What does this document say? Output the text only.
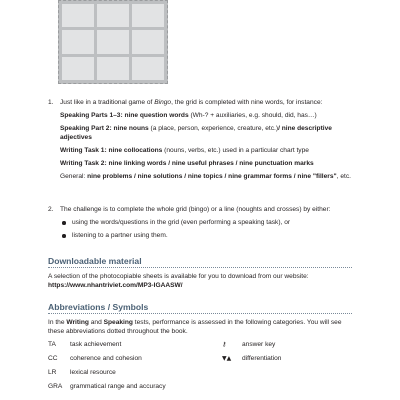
1. Just like in a traditional game of Bingo, the grid is completed with nine words, for instance:
Speaking Parts 1–3: nine question words (Wh-? + auxiliaries, e.g. should, did, has…)
Speaking Part 2: nine nouns (a place, person, experience, creature, etc.)/ nine descriptive
adjectives
Writing Task 1: nine collocations (nouns, verbs, etc.) used in a particular chart type
Writing Task 2: nine linking words / nine useful phrases / nine punctuation marks
General: nine problems / nine solutions / nine topics / nine grammar forms / nine "fillers", etc.
2. The challenge is to complete the whole grid (bingo) or a line (noughts and crosses) by either:
using the words/questions in the grid (even performing a speaking task), or
listening to a partner using them.
Downloadable material
A selection of the photocopiable sheets is available for you to download from our website:
https://www.nhantriviet.com/MP3-IGAASW/
Abbreviations / Symbols
In the Writing and Speaking tests, performance is assessed in the following categories. You will see these abbreviations dotted throughout the book.
TA	task achievement	⚷ answer key
CC	coherence and cohesion	▼▲ differentiation
LR	lexical resource
GRA	grammatical range and accuracy
